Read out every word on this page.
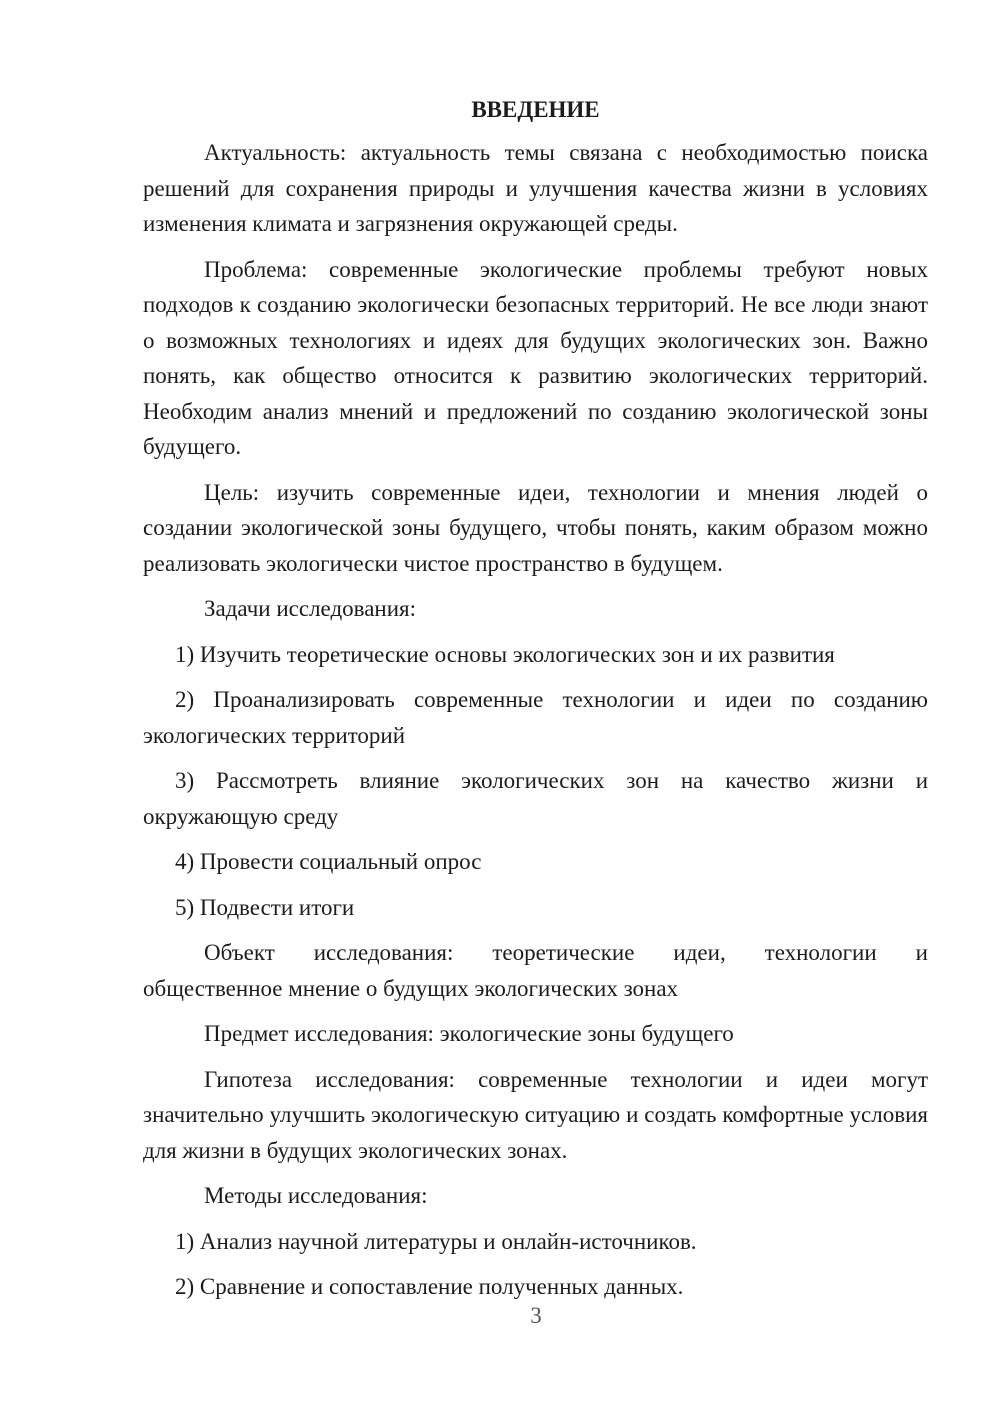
ВВЕДЕНИЕ

Актуальность: актуальность темы связана с необходимостью поиска решений для сохранения природы и улучшения качества жизни в условиях изменения климата и загрязнения окружающей среды.

Проблема: современные экологические проблемы требуют новых подходов к созданию экологически безопасных территорий. Не все люди знают о возможных технологиях и идеях для будущих экологических зон. Важно понять, как общество относится к развитию экологических территорий. Необходим анализ мнений и предложений по созданию экологической зоны будущего.

Цель: изучить современные идеи, технологии и мнения людей о создании экологической зоны будущего, чтобы понять, каким образом можно реализовать экологически чистое пространство в будущем.

Задачи исследования:

1) Изучить теоретические основы экологических зон и их развития

2) Проанализировать современные технологии и идеи по созданию экологических территорий

3) Рассмотреть влияние экологических зон на качество жизни и окружающую среду

4) Провести социальный опрос

5) Подвести итоги

Объект исследования: теоретические идеи, технологии и
общественное мнение о будущих экологических зонах

Предмет исследования: экологические зоны будущего

Гипотеза исследования: современные технологии и идеи могут значительно улучшить экологическую ситуацию и создать комфортные условия для жизни в будущих экологических зонах.

Методы исследования:

1) Анализ научной литературы и онлайн-источников.

2) Сравнение и сопоставление полученных данных.

3
